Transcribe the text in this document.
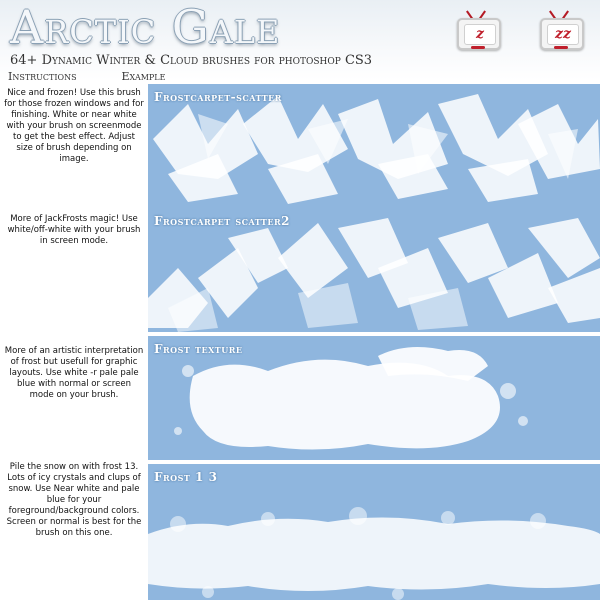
Arctic Gale
64+ Dynamic Winter & Cloud brushes for photoshop CS3
Instructions	Example
z	zz
Nice and frozen! Use this brush for those frozen windows and for finishing. White or near white with your brush on screenmode to get the best effect. Adjust size of brush depending on image.
More of JackFrosts magic! Use white/off-white with your brush in screen mode.
More of an artistic interpretation of frost but usefull for graphic layouts. Use white -r pale pale blue with normal or screen mode on your brush.
Pile the snow on with frost 13. Lots of icy crystals and clups of snow. Use Near white and pale blue for your foreground/background colors. Screen or normal is best for the brush on this one.
Frostcarpet-scatter
Frostcarpet scatter2
Frost texture
Frost 1 3
